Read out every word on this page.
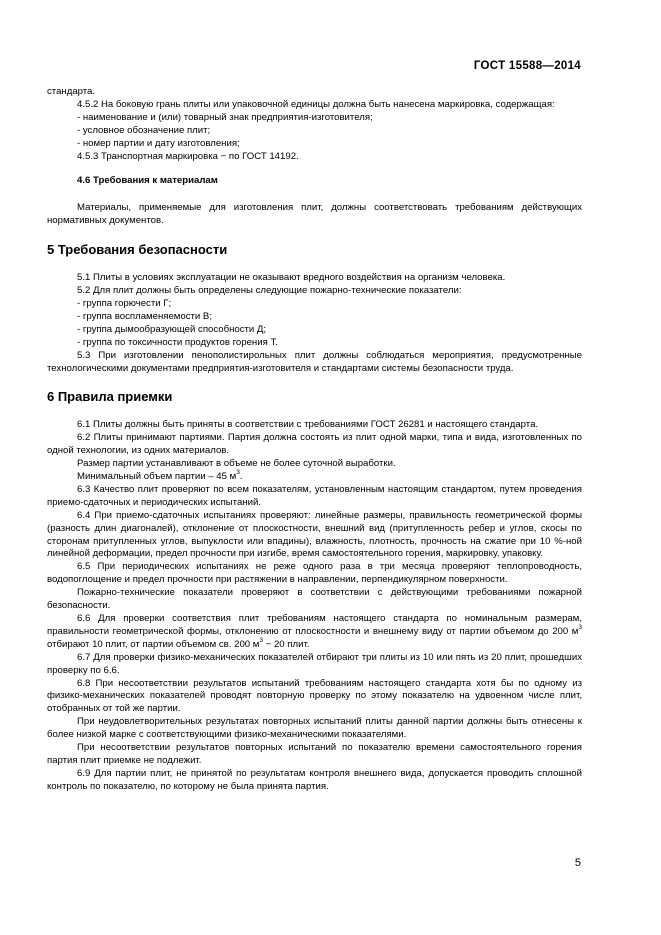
ГОСТ 15588—2014

стандарта.

4.5.2 На боковую грань плиты или упаковочной единицы должна быть нанесена маркировка, содержащая:

- наименование и (или) товарный знак предприятия-изготовителя;

- условное обозначение плит;

- номер партии и дату изготовления;

4.5.3 Транспортная маркировка − по ГОСТ 14192.

4.6 Требования к материалам

Материалы, применяемые для изготовления плит, должны соответствовать требованиям действующих нормативных документов.

5 Требования безопасности

5.1 Плиты в условиях эксплуатации не оказывают вредного воздействия на организм человека.

5.2 Для плит должны быть определены следующие пожарно-технические показатели:

- группа горючести Г;

- группа воспламеняемости В;

- группа дымообразующей способности Д;

- группа по токсичности продуктов горения Т.

5.3 При изготовлении пенополистирольных плит должны соблюдаться мероприятия, предусмотренные технологическими документами предприятия-изготовителя и стандартами системы безопасности труда.

6 Правила приемки

6.1 Плиты должны быть приняты в соответствии с требованиями ГОСТ 26281 и настоящего стандарта.

6.2 Плиты принимают партиями. Партия должна состоять из плит одной марки, типа и вида, изготовленных по одной технологии, из одних материалов.

Размер партии устанавливают в объеме не более суточной выработки.

Минимальный объем партии – 45 $м^3$.

6.3 Качество плит проверяют по всем показателям, установленным настоящим стандартом, путем проведения приемо-сдаточных и периодических испытаний.

6.4 При приемо-сдаточных испытаниях проверяют: линейные размеры, правильность геометрической формы (разность длин диагоналей), отклонение от плоскостности, внешний вид (притупленность ребер и углов, скосы по сторонам притупленных углов, выпуклости или впадины), влажность, плотность, прочность на сжатие при 10 %-ной линейной деформации, предел прочности при изгибе, время самостоятельного горения, маркировку, упаковку.

6.5 При периодических испытаниях не реже одного раза в три месяца проверяют теплопроводность, водопоглощение и предел прочности при растяжении в направлении, перпендикулярном поверхности.

Пожарно-технические показатели проверяют в соответствии с действующими требованиями пожарной безопасности.

6.6 Для проверки соответствия плит требованиям настоящего стандарта по номинальным размерам, правильности геометрической формы, отклонению от плоскостности и внешнему виду от партии объемом до 200 $м^3$ отбирают 10 плит, от партии объемом св. 200 $м^3 - 20$ плит.

6.7 Для проверки физико-механических показателей отбирают три плиты из 10 или пять из 20 плит, прошедших проверку по 6.6.

6.8 При несоответствии результатов испытаний требованиям настоящего стандарта хотя бы по одному из физико-механических показателей проводят повторную проверку по этому показателю на удвоенном числе плит, отобранных от той же партии.

При неудовлетворительных результатах повторных испытаний плиты данной партии должны быть отнесены к более низкой марке с соответствующими физико-механическими показателями.

При несоответствии результатов повторных испытаний по показателю времени самостоятельного горения партия плит приемке не подлежит.

6.9 Для партии плит, не принятой по результатам контроля внешнего вида, допускается проводить сплошной контроль по показателю, по которому не была принята партия.

5
